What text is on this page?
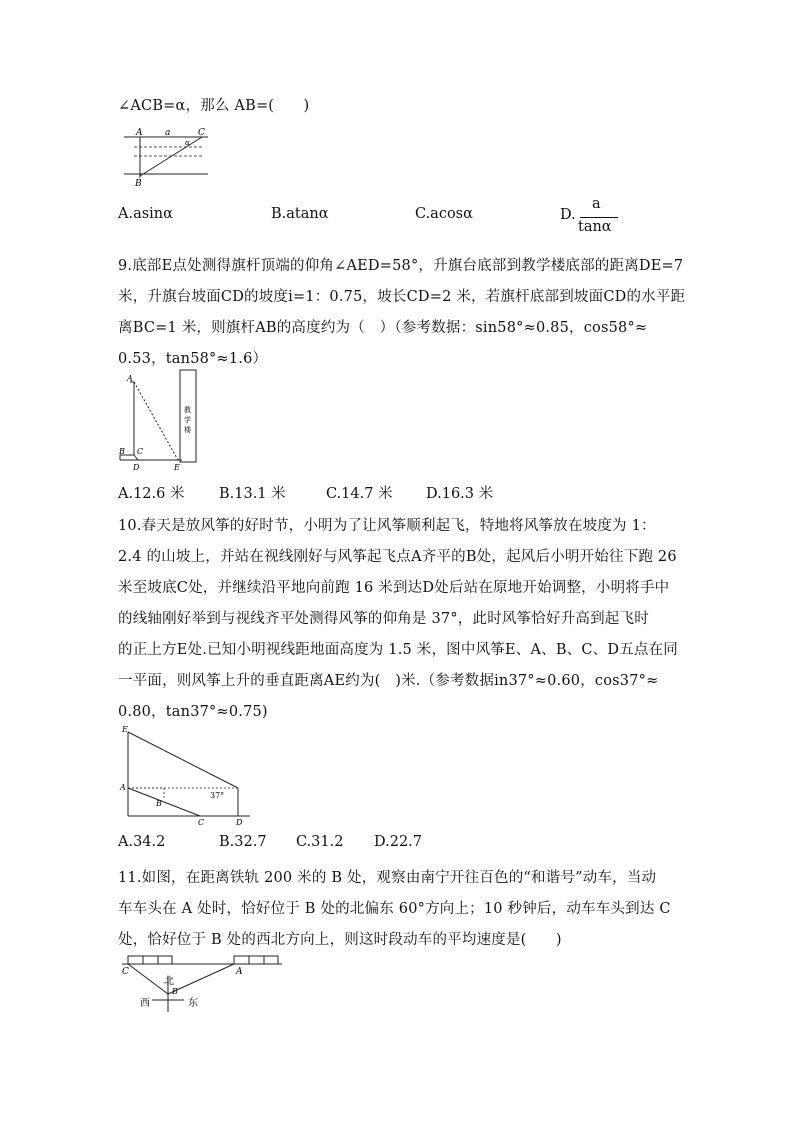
∠ACB=α，那么 AB=(　　)
A	a	C
α
B
A.asinα	B.atanα	C.acosα	D.
a
tanα
9.底部E点处测得旗杆顶端的仰角∠AED=58°，升旗台底部到教学楼底部的距离DE=7
米，升旗台坡面CD的坡度i=1：0.75，坡长CD=2 米，若旗杆底部到坡面CD的水平距
离BC=1 米，则旗杆AB的高度约为（　）（参考数据：sin58°≈0.85，cos58°≈
0.53，tan58°≈1.6）
教
学
楼
A
B C
D	E
A.12.6 米 B.13.1 米	C.14.7 米 D.16.3 米
10.春天是放风筝的好时节，小明为了让风筝顺利起飞，特地将风筝放在坡度为 1：
2.4 的山坡上，并站在视线刚好与风筝起飞点A齐平的B处，起风后小明开始往下跑 26
米至坡底C处，并继续沿平地向前跑 16 米到达D处后站在原地开始调整，小明将手中
的线轴刚好举到与视线齐平处测得风筝的仰角是 37°，此时风筝恰好升高到起飞时
的正上方E处.已知小明视线距地面高度为 1.5 米，图中风筝E、A、B、C、D五点在同
一平面，则风筝上升的垂直距离AE约为(　)米.（参考数据in37°≈0.60，cos37°≈
0.80，tan37°≈0.75)
E
A
B
C	D
37°
A.34.2	B.32.7 C.31.2 D.22.7
11.如图，在距离铁轨 200 米的 B 处，观察由南宁开往百色的“和谐号”动车，当动
车车头在 A 处时，恰好位于 B 处的北偏东 60°方向上；10 秒钟后，动车车头到达 C
处，恰好位于 B 处的西北方向上，则这时段动车的平均速度是(　　)
C	A
B
北
西	东
